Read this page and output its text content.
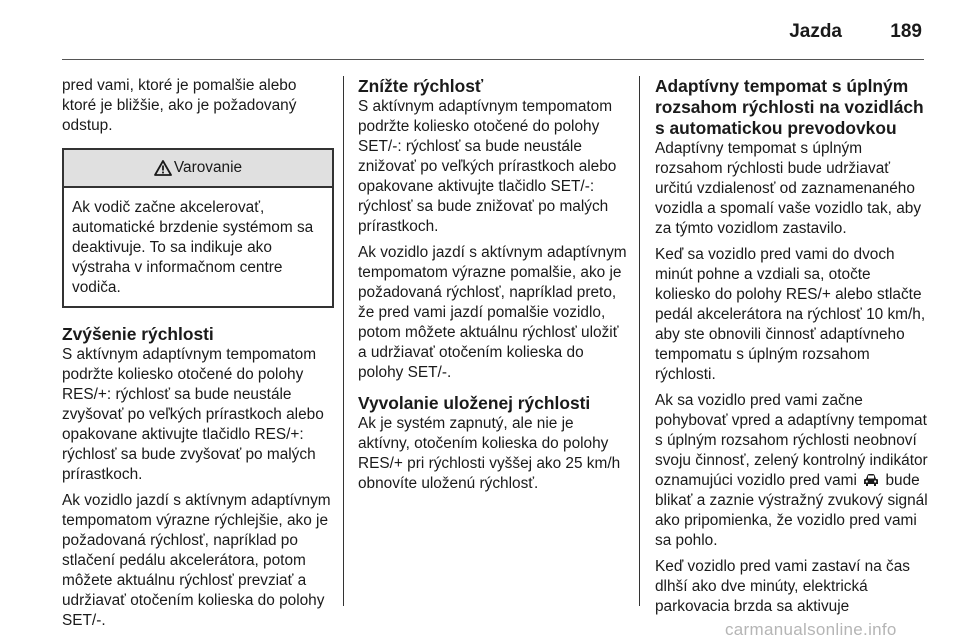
Jazda	189

pred vami, ktoré je pomalšie alebo ktoré je bližšie, ako je požadovaný odstup.

Varovanie
Ak vodič začne akcelerovať, automatické brzdenie systémom sa deaktivuje. To sa indikuje ako výstraha v informačnom centre vodiča.
Zvýšenie rýchlosti

S aktívnym adaptívnym tempomatom podržte koliesko otočené do polohy RES/+: rýchlosť sa bude neustále zvyšovať po veľkých prírastkoch alebo opakovane aktivujte tlačidlo RES/+: rýchlosť sa bude zvyšovať po malých prírastkoch.

Ak vozidlo jazdí s aktívnym adaptívnym tempomatom výrazne rýchlejšie, ako je požadovaná rýchlosť, napríklad po stlačení pedálu akcelerátora, potom môžete aktuálnu rýchlosť prevziať a udržiavať otočením kolieska do polohy SET/-.

Znížte rýchlosť

S aktívnym adaptívnym tempomatom podržte koliesko otočené do polohy SET/-: rýchlosť sa bude neustále znižovať po veľkých prírastkoch alebo opakovane aktivujte tlačidlo SET/-: rýchlosť sa bude znižovať po malých prírastkoch.

Ak vozidlo jazdí s aktívnym adaptívnym tempomatom výrazne pomalšie, ako je požadovaná rýchlosť, napríklad preto, že pred vami jazdí pomalšie vozidlo, potom môžete aktuálnu rýchlosť uložiť a udržiavať otočením kolieska do polohy SET/-.

Vyvolanie uloženej rýchlosti

Ak je systém zapnutý, ale nie je aktívny, otočením kolieska do polohy RES/+ pri rýchlosti vyššej ako 25 km/h obnovíte uloženú rýchlosť.

Adaptívny tempomat s úplným rozsahom rýchlosti na vozidlách s automatickou prevodovkou

Adaptívny tempomat s úplným rozsahom rýchlosti bude udržiavať určitú vzdialenosť od zaznamenaného vozidla a spomalí vaše vozidlo tak, aby za týmto vozidlom zastavilo.

Keď sa vozidlo pred vami do dvoch minút pohne a vzdiali sa, otočte koliesko do polohy RES/+ alebo stlačte pedál akcelerátora na rýchlosť 10 km/h, aby ste obnovili činnosť adaptívneho tempomatu s úplným rozsahom rýchlosti.

Ak sa vozidlo pred vami začne pohybovať vpred a adaptívny tempomat s úplným rozsahom rýchlosti neobnoví svoju činnosť, zelený kontrolný indikátor oznamujúci vozidlo pred vami bude blikať a zaznie výstražný zvukový signál ako pripomienka, že vozidlo pred vami sa pohlo.

Keď vozidlo pred vami zastaví na čas dlhší ako dve minúty, elektrická parkovacia brzda sa aktivuje

carmanualsonline.info
